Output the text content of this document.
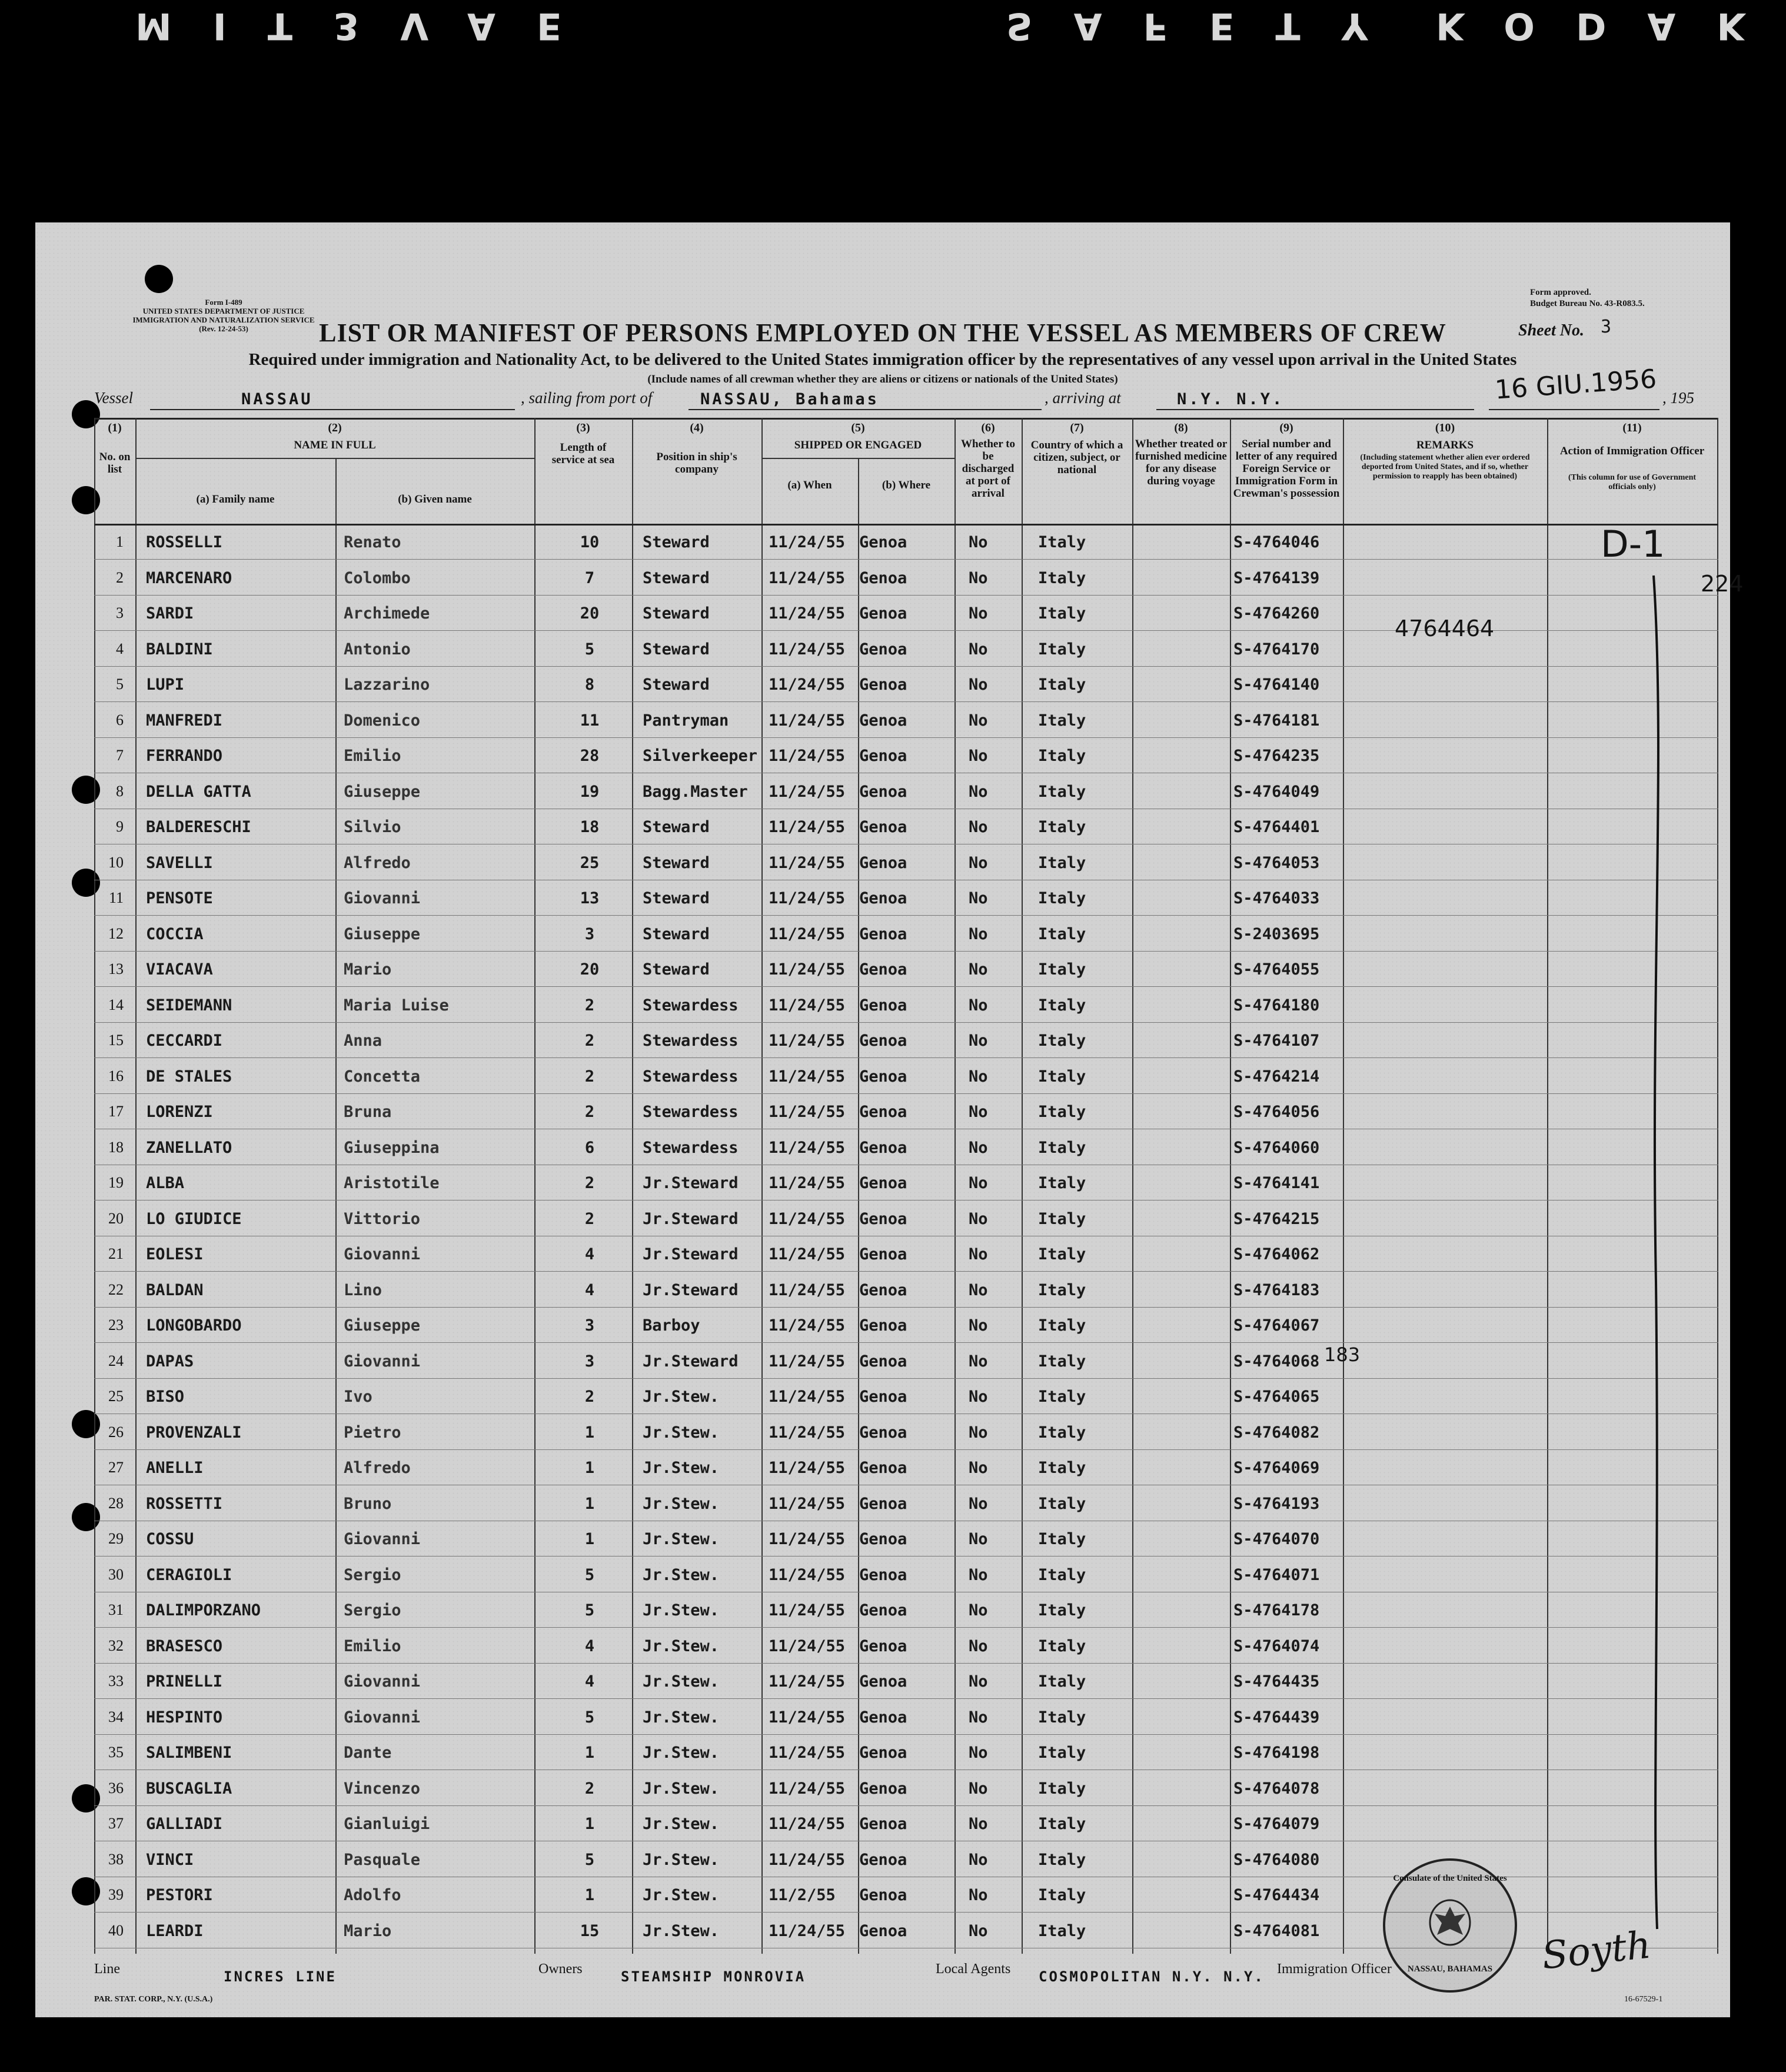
MIT3VAE	SAFETY KODAK
Form I-489
UNITED STATES DEPARTMENT OF JUSTICE
IMMIGRATION AND NATURALIZATION SERVICE
(Rev. 12-24-53)
Form approved.
Budget Bureau No. 43-R083.5.
LIST OR MANIFEST OF PERSONS EMPLOYED ON THE VESSEL AS MEMBERS OF CREW	Sheet No. 3
Required under immigration and Nationality Act, to be delivered to the United States immigration officer by the representatives of any vessel upon arrival in the United States
(Include names of all crewman whether they are aliens or citizens or nationals of the United States)
Vessel	NASSAU	, sailing from port of	NASSAU, Bahamas	, arriving at	N.Y. N.Y.	, 195
16 GIU.1956
(1)	(2)	(3)	(4)	(5)	(6)	(7)	(8)	(9)	(10)	(11)
No. on list
NAME IN FULL
(a) Family name	(b) Given name
Length of service at sea	Position in ship's company
SHIPPED OR ENGAGED
(a) When	(b) Where
Whether to be discharged at port of arrival
Country of which a citizen, subject, or national
Whether treated or furnished medicine for any disease during voyage
Serial number and letter of any required Foreign Service or Immigration Form in Crewman's possession
REMARKS
(Including statement whether alien ever ordered deported from United States, and if so, whether permission to reapply has been obtained)
Action of Immigration Officer
(This column for use of Government officials only)
1 ROSSELLI	Renato	10	Steward	11/24/55 Genoa	No	Italy	S-4764046
2 MARCENARO	Colombo	7	Steward	11/24/55 Genoa	No	Italy	S-4764139
3 SARDI	Archimede	20	Steward	11/24/55 Genoa	No	Italy	S-4764260
4 BALDINI	Antonio	5	Steward	11/24/55 Genoa	No	Italy	S-4764170
5 LUPI	Lazzarino	8	Steward	11/24/55 Genoa	No	Italy	S-4764140
6 MANFREDI	Domenico	11	Pantryman	11/24/55 Genoa	No	Italy	S-4764181
7 FERRANDO	Emilio	28	Silverkeeper 11/24/55 Genoa	No	Italy	S-4764235
8 DELLA GATTA	Giuseppe	19	Bagg.Master 11/24/55 Genoa	No	Italy	S-4764049
9 BALDERESCHI	Silvio	18	Steward	11/24/55 Genoa	No	Italy	S-4764401
10 SAVELLI	Alfredo	25	Steward	11/24/55 Genoa	No	Italy	S-4764053
11 PENSOTE	Giovanni	13	Steward	11/24/55 Genoa	No	Italy	S-4764033
12 COCCIA	Giuseppe	3	Steward	11/24/55 Genoa	No	Italy	S-2403695
13 VIACAVA	Mario	20	Steward	11/24/55 Genoa	No	Italy	S-4764055
14 SEIDEMANN	Maria Luise	2	Stewardess 11/24/55 Genoa	No	Italy	S-4764180
15 CECCARDI	Anna	2	Stewardess 11/24/55 Genoa	No	Italy	S-4764107
16 DE STALES	Concetta	2	Stewardess 11/24/55 Genoa	No	Italy	S-4764214
17 LORENZI	Bruna	2	Stewardess 11/24/55 Genoa	No	Italy	S-4764056
18 ZANELLATO	Giuseppina	6	Stewardess 11/24/55 Genoa	No	Italy	S-4764060
19 ALBA	Aristotile	2	Jr.Steward 11/24/55 Genoa	No	Italy	S-4764141
20 LO GIUDICE	Vittorio	2	Jr.Steward 11/24/55 Genoa	No	Italy	S-4764215
21 EOLESI	Giovanni	4	Jr.Steward 11/24/55 Genoa	No	Italy	S-4764062
22 BALDAN	Lino	4	Jr.Steward 11/24/55 Genoa	No	Italy	S-4764183
23 LONGOBARDO	Giuseppe	3	Barboy	11/24/55 Genoa	No	Italy	S-4764067
24 DAPAS	Giovanni	3	Jr.Steward 11/24/55 Genoa	No	Italy	S-4764068
25 BISO	Ivo	2	Jr.Stew.	11/24/55 Genoa	No	Italy	S-4764065
26 PROVENZALI	Pietro	1	Jr.Stew.	11/24/55 Genoa	No	Italy	S-4764082
27 ANELLI	Alfredo	1	Jr.Stew.	11/24/55 Genoa	No	Italy	S-4764069
28 ROSSETTI	Bruno	1	Jr.Stew.	11/24/55 Genoa	No	Italy	S-4764193
29 COSSU	Giovanni	1	Jr.Stew.	11/24/55 Genoa	No	Italy	S-4764070
30 CERAGIOLI	Sergio	5	Jr.Stew.	11/24/55 Genoa	No	Italy	S-4764071
31 DALIMPORZANO	Sergio	5	Jr.Stew.	11/24/55 Genoa	No	Italy	S-4764178
32 BRASESCO	Emilio	4	Jr.Stew.	11/24/55 Genoa	No	Italy	S-4764074
33 PRINELLI	Giovanni	4	Jr.Stew.	11/24/55 Genoa	No	Italy	S-4764435
34 HESPINTO	Giovanni	5	Jr.Stew.	11/24/55 Genoa	No	Italy	S-4764439
35 SALIMBENI	Dante	1	Jr.Stew.	11/24/55 Genoa	No	Italy	S-4764198
36 BUSCAGLIA	Vincenzo	2	Jr.Stew.	11/24/55 Genoa	No	Italy	S-4764078
37 GALLIADI	Gianluigi	1	Jr.Stew.	11/24/55 Genoa	No	Italy	S-4764079
38 VINCI	Pasquale	5	Jr.Stew.	11/24/55 Genoa	No	Italy	S-4764080
39 PESTORI	Adolfo	1	Jr.Stew.	11/2/55 Genoa	No	Italy	S-4764434
40 LEARDI	Mario	15	Jr.Stew.	11/24/55 Genoa	No	Italy	S-4764081
4764464
183
D-1
224
Consulate of the United States
NASSAU, BAHAMAS
Line	INCRES LINE	Owners	STEAMSHIP MONROVIA	Local Agents COSMOPOLITAN N.Y. N.Y. Immigration Officer	Soyth
PAR. STAT. CORP., N.Y. (U.S.A.)	16-67529-1
